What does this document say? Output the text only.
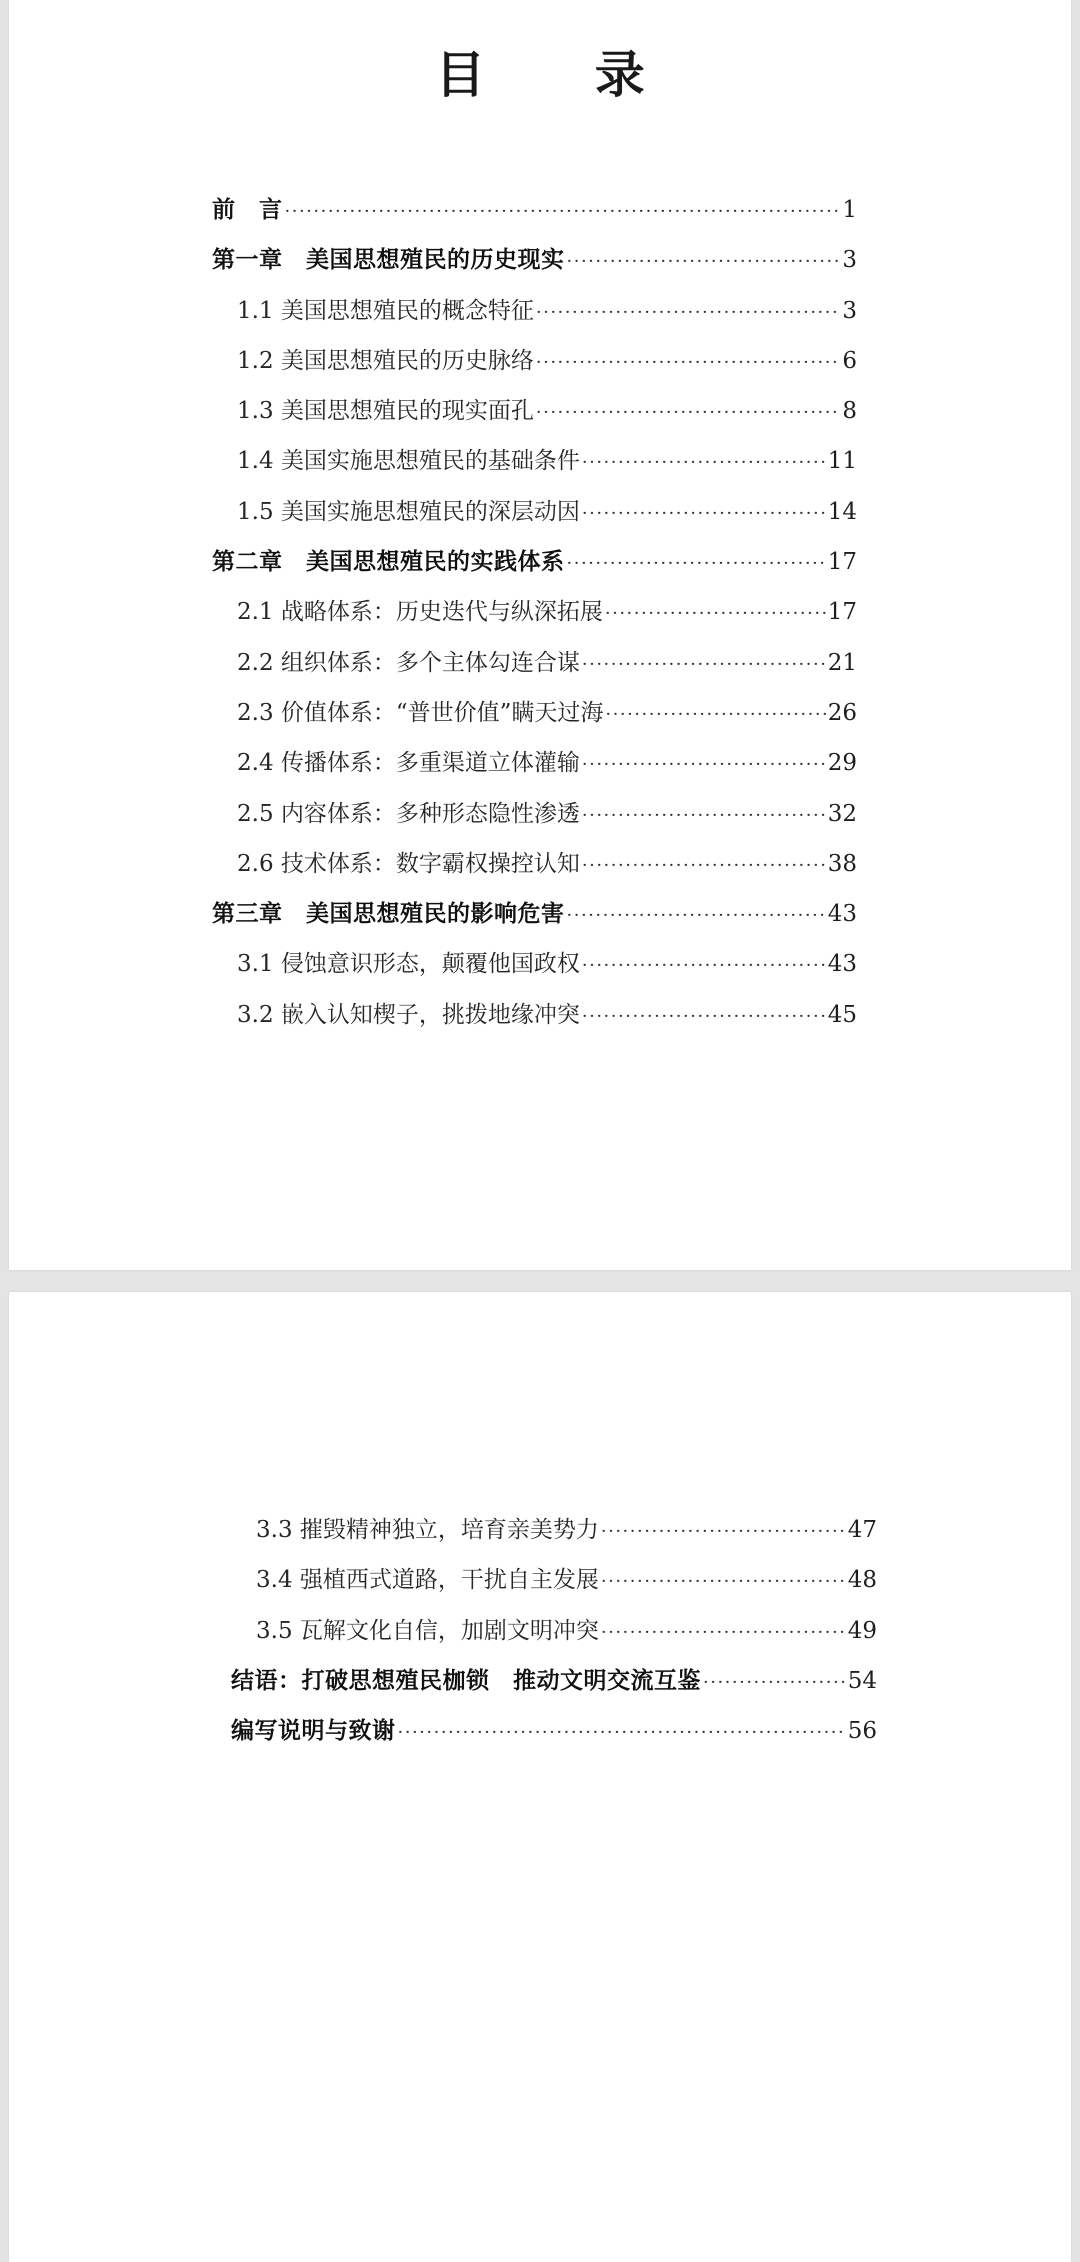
目 录
前　言 ·····	1
第一章　美国思想殖民的历史现实 ·····	3
1.1 美国思想殖民的概念特征 ·····	3
1.2 美国思想殖民的历史脉络 ·····	6
1.3 美国思想殖民的现实面孔 ·····	8
1.4 美国实施思想殖民的基础条件 ·····	11
1.5 美国实施思想殖民的深层动因 ·····	14
第二章　美国思想殖民的实践体系 ·····	17
2.1 战略体系：历史迭代与纵深拓展 ·····	17
2.2 组织体系：多个主体勾连合谋 ·····	21
2.3 价值体系：“普世价值”瞒天过海 ·····	26
2.4 传播体系：多重渠道立体灌输 ·····	29
2.5 内容体系：多种形态隐性渗透 ·····	32
2.6 技术体系：数字霸权操控认知 ·····	38
第三章　美国思想殖民的影响危害 ·····	43
3.1 侵蚀意识形态，颠覆他国政权 ·····	43
3.2 嵌入认知楔子，挑拨地缘冲突 ·····	45
3.3 摧毁精神独立，培育亲美势力 ·····	47
3.4 强植西式道路，干扰自主发展 ·····	48
3.5 瓦解文化自信，加剧文明冲突 ·····	49
结语：打破思想殖民枷锁　推动文明交流互鉴 ·····	54
编写说明与致谢 ·····	56
